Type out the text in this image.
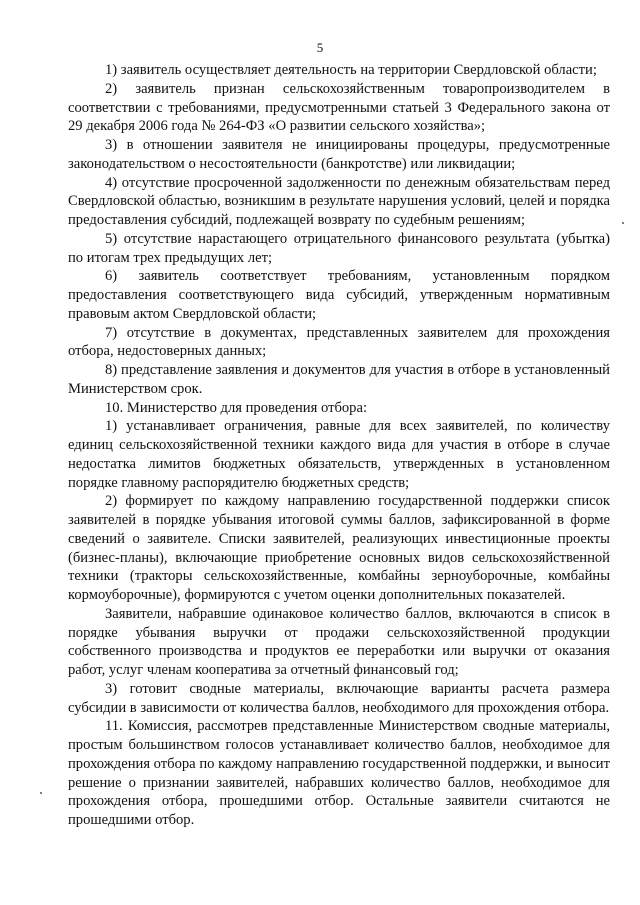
5

1) заявитель осуществляет деятельность на территории Свердловской области;

2) заявитель признан сельскохозяйственным товаропроизводителем в соответствии с требованиями, предусмотренными статьей 3 Федерального закона от 29 декабря 2006 года № 264-ФЗ «О развитии сельского хозяйства»;

3) в отношении заявителя не инициированы процедуры, предусмотренные законодательством о несостоятельности (банкротстве) или ликвидации;

4) отсутствие просроченной задолженности по денежным обязательствам перед Свердловской областью, возникшим в результате нарушения условий, целей и порядка предоставления субсидий, подлежащей возврату по судебным решениям;

5) отсутствие нарастающего отрицательного финансового результата (убытка) по итогам трех предыдущих лет;

6) заявитель соответствует требованиям, установленным порядком предоставления соответствующего вида субсидий, утвержденным нормативным правовым актом Свердловской области;

7) отсутствие в документах, представленных заявителем для прохождения отбора, недостоверных данных;

8) представление заявления и документов для участия в отборе в установленный Министерством срок.

10. Министерство для проведения отбора:

1) устанавливает ограничения, равные для всех заявителей, по количеству единиц сельскохозяйственной техники каждого вида для участия в отборе в случае недостатка лимитов бюджетных обязательств, утвержденных в установленном порядке главному распорядителю бюджетных средств;

2) формирует по каждому направлению государственной поддержки список заявителей в порядке убывания итоговой суммы баллов, зафиксированной в форме сведений о заявителе. Списки заявителей, реализующих инвестиционные проекты (бизнес-планы), включающие приобретение основных видов сельскохозяйственной техники (тракторы сельскохозяйственные, комбайны зерноуборочные, комбайны кормоуборочные), формируются с учетом оценки дополнительных показателей.

Заявители, набравшие одинаковое количество баллов, включаются в список в порядке убывания выручки от продажи сельскохозяйственной продукции собственного производства и продуктов ее переработки или выручки от оказания работ, услуг членам кооператива за отчетный финансовый год;

3) готовит сводные материалы, включающие варианты расчета размера субсидии в зависимости от количества баллов, необходимого для прохождения отбора.

11. Комиссия, рассмотрев представленные Министерством сводные материалы, простым большинством голосов устанавливает количество баллов, необходимое для прохождения отбора по каждому направлению государственной поддержки, и выносит решение о признании заявителей, набравших количество баллов, необходимое для прохождения отбора, прошедшими отбор. Остальные заявители считаются не прошедшими отбор.
